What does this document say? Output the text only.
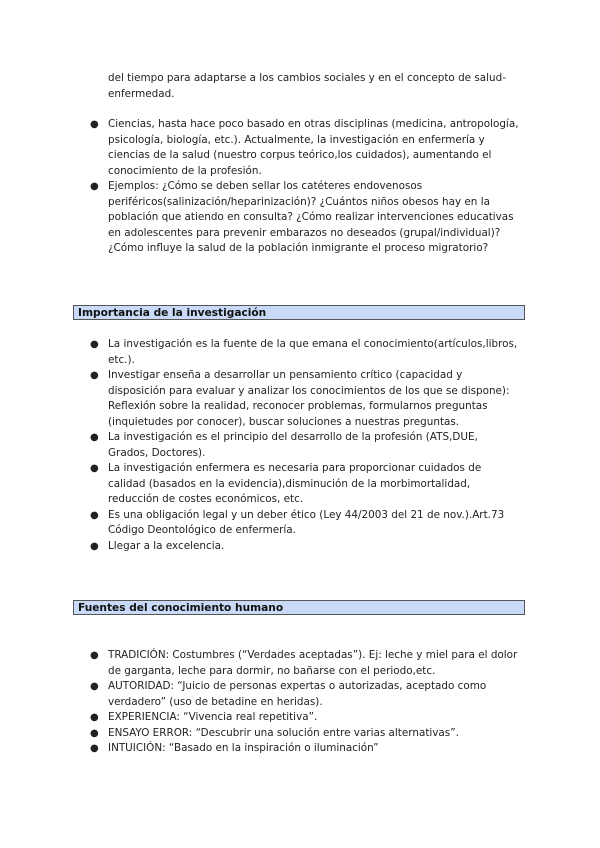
del tiempo para adaptarse a los cambios sociales y en el concepto de salud-enfermedad.

● Ciencias, hasta hace poco basado en otras disciplinas (medicina, antropología, psicología, biología, etc.). Actualmente, la investigación en enfermería y ciencias de la salud (nuestro corpus teórico,los cuidados), aumentando el conocimiento de la profesión.
● Ejemplos: ¿Cómo se deben sellar los catéteres endovenosos periféricos(salinización/heparinización)? ¿Cuántos niños obesos hay en la población que atiendo en consulta? ¿Cómo realizar intervenciones educativas en adolescentes para prevenir embarazos no deseados (grupal/individual)? ¿Cómo influye la salud de la población inmigrante el proceso migratorio?
Importancia de la investigación
● La investigación es la fuente de la que emana el conocimiento(artículos,libros, etc.).
● Investigar enseña a desarrollar un pensamiento crítico (capacidad y disposición para evaluar y analizar los conocimientos de los que se dispone): Reflexión sobre la realidad, reconocer problemas, formularnos preguntas (inquietudes por conocer), buscar soluciones a nuestras preguntas.
● La investigación es el principio del desarrollo de la profesión (ATS,DUE, Grados, Doctores).
● La investigación enfermera es necesaria para proporcionar cuidados de calidad (basados en la evidencia),disminución de la morbimortalidad, reducción de costes económicos, etc.
● Es una obligación legal y un deber ético (Ley 44/2003 del 21 de nov.).Art.73 Código Deontológico de enfermería.
● Llegar a la excelencia.
Fuentes del conocimiento humano
● TRADICIÓN: Costumbres (“Verdades aceptadas”). Ej: leche y miel para el dolor de garganta, leche para dormir, no bañarse con el periodo,etc.
● AUTORIDAD: “Juicio de personas expertas o autorizadas, aceptado como verdadero” (uso de betadine en heridas).
● EXPERIENCIA: “Vivencia real repetitiva”.
● ENSAYO ERROR: “Descubrir una solución entre varias alternativas”.
● INTUICIÓN: “Basado en la inspiración o iluminación”
